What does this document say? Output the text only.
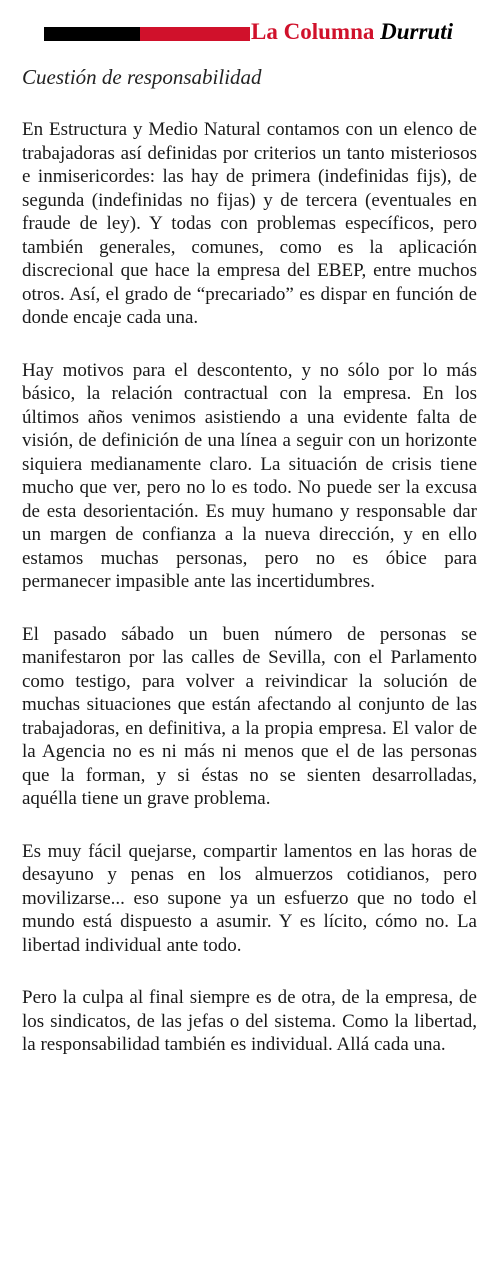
La Columna Durruti
Cuestión de responsabilidad

En Estructura y Medio Natural contamos con un elenco de trabajadoras así definidas por criterios un tanto misteriosos e inmisericordes: las hay de primera (indefinidas fijs), de segunda (indefinidas no fijas) y de tercera (eventuales en fraude de ley). Y todas con problemas específicos, pero también generales, comunes, como es la aplicación discrecional que hace la empresa del EBEP, entre muchos otros. Así, el grado de “precariado” es dispar en función de donde encaje cada una.

Hay motivos para el descontento, y no sólo por lo más básico, la relación contractual con la empresa. En los últimos años venimos asistiendo a una evidente falta de visión, de definición de una línea a seguir con un horizonte siquiera medianamente claro. La situación de crisis tiene mucho que ver, pero no lo es todo. No puede ser la excusa de esta desorientación. Es muy humano y responsable dar un margen de confianza a la nueva dirección, y en ello estamos muchas personas, pero no es óbice para permanecer impasible ante las incertidumbres.

El pasado sábado un buen número de personas se manifestaron por las calles de Sevilla, con el Parlamento como testigo, para volver a reivindicar la solución de muchas situaciones que están afectando al conjunto de las trabajadoras, en definitiva, a la propia empresa. El valor de la Agencia no es ni más ni menos que el de las personas que la forman, y si éstas no se sienten desarrolladas, aquélla tiene un grave problema.

Es muy fácil quejarse, compartir lamentos en las horas de desayuno y penas en los almuerzos cotidianos, pero movilizarse... eso supone ya un esfuerzo que no todo el mundo está dispuesto a asumir. Y es lícito, cómo no. La libertad individual ante todo.

Pero la culpa al final siempre es de otra, de la empresa, de los sindicatos, de las jefas o del sistema. Como la libertad, la responsabilidad también es individual. Allá cada una.
